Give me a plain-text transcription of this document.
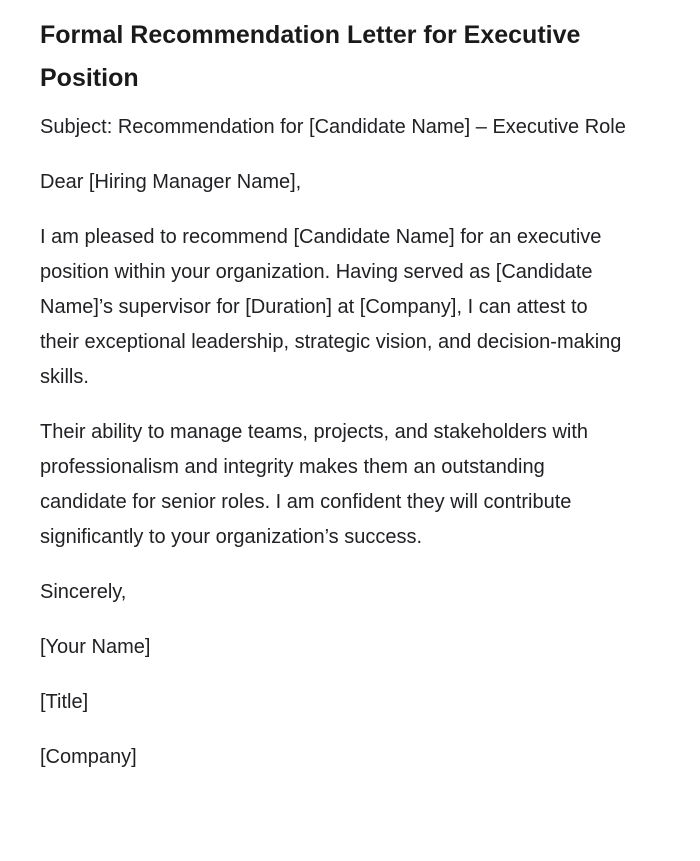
Formal Recommendation Letter for Executive Position

Subject: Recommendation for [Candidate Name] – Executive Role

Dear [Hiring Manager Name],

I am pleased to recommend [Candidate Name] for an executive position within your organization. Having served as [Candidate Name]’s supervisor for [Duration] at [Company], I can attest to their exceptional leadership, strategic vision, and decision-making skills.

Their ability to manage teams, projects, and stakeholders with professionalism and integrity makes them an outstanding candidate for senior roles. I am confident they will contribute significantly to your organization’s success.

Sincerely,

[Your Name]

[Title]

[Company]
